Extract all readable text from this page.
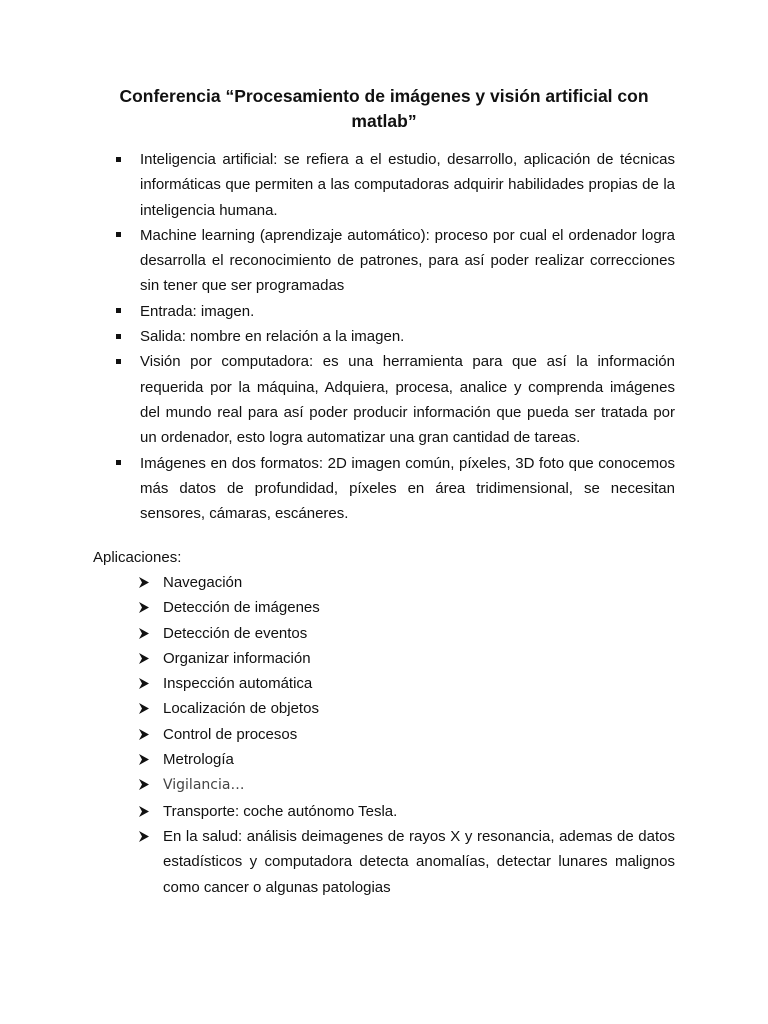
Conferencia “Procesamiento de imágenes y visión artificial con matlab”
Inteligencia artificial: se refiera a el estudio, desarrollo, aplicación de técnicas informáticas que permiten a las computadoras adquirir habilidades propias de la inteligencia humana.
Machine learning (aprendizaje automático): proceso por cual el ordenador logra desarrolla el reconocimiento de patrones, para así poder realizar correcciones sin tener que ser programadas
Entrada: imagen.
Salida: nombre en relación a la imagen.
Visión por computadora: es una herramienta para que así la información requerida por la máquina, Adquiera, procesa, analice y comprenda imágenes del mundo real para así poder producir información que pueda ser tratada por un ordenador, esto logra automatizar una gran cantidad de tareas.
Imágenes en dos formatos: 2D imagen común, píxeles, 3D foto que conocemos más datos de profundidad, píxeles en área tridimensional, se necesitan sensores, cámaras, escáneres.

Aplicaciones:

Navegación
Detección de imágenes
Detección de eventos
Organizar información
Inspección automática
Localización de objetos
Control de procesos
Metrología
Vigilancia…
Transporte: coche autónomo Tesla.
En la salud: análisis deimagenes de rayos X y resonancia, ademas de datos estadísticos y computadora detecta anomalías, detectar lunares malignos como cancer o algunas patologias
